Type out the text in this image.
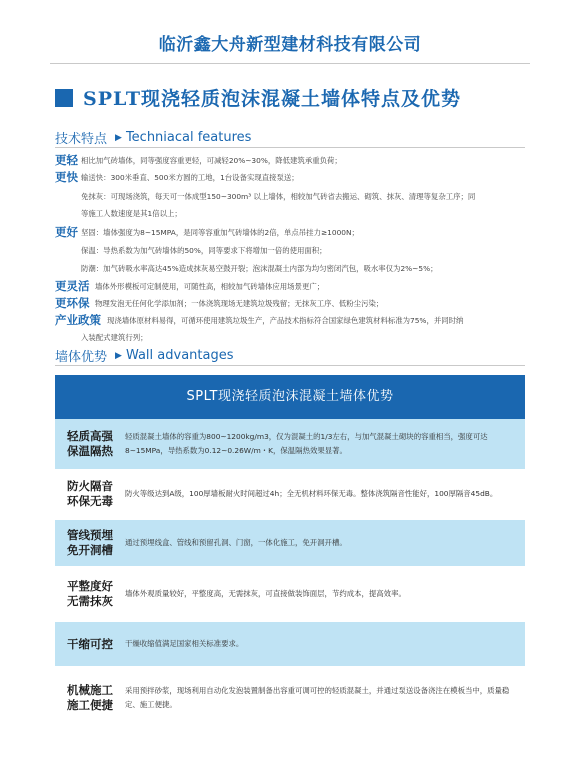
临沂鑫大舟新型建材科技有限公司
SPLT现浇轻质泡沫混凝土墙体特点及优势
技术特点 ▶ Techniacal features
更轻 相比加气砖墙体，同等强度容重更轻，可减轻20%~30%，降低建筑承重负荷；
更快 输送快：300米垂直、500米方圆的工地，1台设备实现直接泵送；
免抹灰：可现场浇筑，每天可一体成型150~300m³ 以上墙体，相较加气砖省去搬运、砌筑、抹灰、清理等复杂工序；同
等施工人数速度是其1倍以上；
更好 坚固：墙体强度为8~15MPA，是同等容重加气砖墙体的2倍，单点吊挂力≥1000N；
保温：导热系数为加气砖墙体的50%，同等要求下将增加一倍的使用面积；
防潮：加气砖吸水率高达45%造成抹灰易空鼓开裂；泡沫混凝土内部为均匀密闭汽包，吸水率仅为2%~5%；
更灵活 墙体外形模板可定制使用，可随性高，相较加气砖墙体应用场景更广；
更环保 物理发泡无任何化学添加剂；一体浇筑现场无建筑垃圾残留；无抹灰工序、低粉尘污染；
产业政策 现浇墙体原材料易得，可循环使用建筑垃圾生产，产品技术指标符合国家绿色建筑材料标准为75%，并同时纳
入装配式建筑行列；
墙体优势 ▶ Wall advantages
SPLT现浇轻质泡沫混凝土墙体优势
轻质高强
保温隔热
轻质混凝土墙体的容重为800~1200kg/m3，仅为混凝土的1/3左右，与加气混凝土砌块的容重相当，强度可达8~15MPa，导热系数为0.12~0.26W/m・K，保温隔热效果显著。
防火隔音
环保无毒
防火等级达到A级，100厚墙板耐火时间超过4h；全无机材料环保无毒。整体浇筑隔音性能好，100厚隔音45dB。
管线预埋
免开洞槽
通过预埋线盒、管线和预留孔洞、门窗，一体化施工，免开洞开槽。
平整度好
无需抹灰
墙体外观质量较好，平整度高，无需抹灰，可直接做装饰面层，节约成本，提高效率。
干缩可控	干燥收缩值满足国家相关标准要求。
机械施工
施工便捷
采用预拌砂浆，现场利用自动化发泡装置制备出容重可调可控的轻质混凝土，并通过泵送设备浇注在模板当中，质量稳定、施工便捷。
